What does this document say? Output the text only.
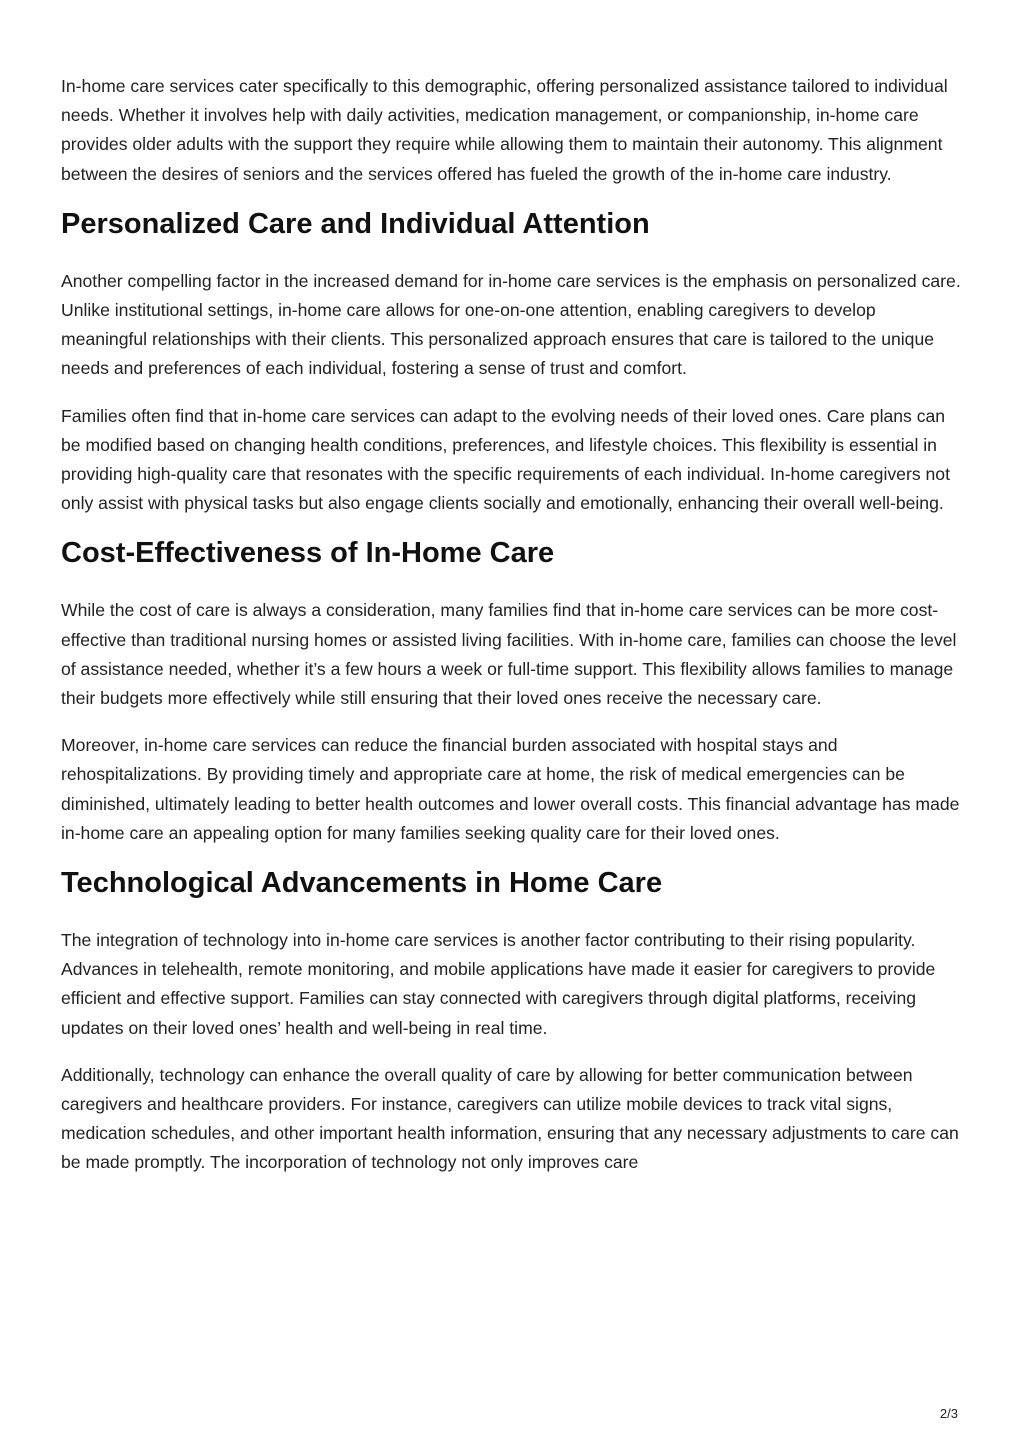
In-home care services cater specifically to this demographic, offering personalized assistance tailored to individual needs. Whether it involves help with daily activities, medication management, or companionship, in-home care provides older adults with the support they require while allowing them to maintain their autonomy. This alignment between the desires of seniors and the services offered has fueled the growth of the in-home care industry.

Personalized Care and Individual Attention

Another compelling factor in the increased demand for in-home care services is the emphasis on personalized care. Unlike institutional settings, in-home care allows for one-on-one attention, enabling caregivers to develop meaningful relationships with their clients. This personalized approach ensures that care is tailored to the unique needs and preferences of each individual, fostering a sense of trust and comfort.

Families often find that in-home care services can adapt to the evolving needs of their loved ones. Care plans can be modified based on changing health conditions, preferences, and lifestyle choices. This flexibility is essential in providing high-quality care that resonates with the specific requirements of each individual. In-home caregivers not only assist with physical tasks but also engage clients socially and emotionally, enhancing their overall well-being.

Cost-Effectiveness of In-Home Care

While the cost of care is always a consideration, many families find that in-home care services can be more cost-effective than traditional nursing homes or assisted living facilities. With in-home care, families can choose the level of assistance needed, whether it’s a few hours a week or full-time support. This flexibility allows families to manage their budgets more effectively while still ensuring that their loved ones receive the necessary care.

Moreover, in-home care services can reduce the financial burden associated with hospital stays and rehospitalizations. By providing timely and appropriate care at home, the risk of medical emergencies can be diminished, ultimately leading to better health outcomes and lower overall costs. This financial advantage has made in-home care an appealing option for many families seeking quality care for their loved ones.

Technological Advancements in Home Care

The integration of technology into in-home care services is another factor contributing to their rising popularity. Advances in telehealth, remote monitoring, and mobile applications have made it easier for caregivers to provide efficient and effective support. Families can stay connected with caregivers through digital platforms, receiving updates on their loved ones’ health and well-being in real time.

Additionally, technology can enhance the overall quality of care by allowing for better communication between caregivers and healthcare providers. For instance, caregivers can utilize mobile devices to track vital signs, medication schedules, and other important health information, ensuring that any necessary adjustments to care can be made promptly. The incorporation of technology not only improves care

2/3
